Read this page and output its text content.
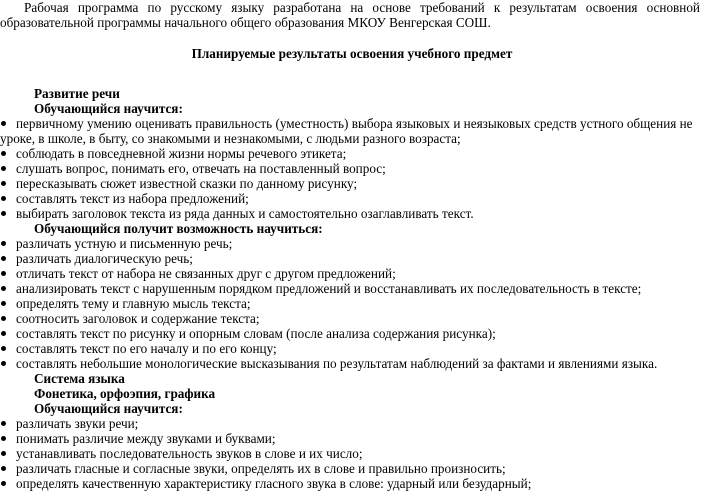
Рабочая программа по русскому языку разработана на основе требований к результатам освоения основной образовательной программы начального общего образования МКОУ Венгерская СОШ.

Планируемые результаты освоения учебного предмет

Развитие речи

Обучающийся научится:

первичному умению оценивать правильность (уместность) выбора языковых и неязыковых средств устного общения не уроке, в школе, в быту, со знакомыми и незнакомыми, с людьми разного возраста;
соблюдать в повседневной жизни нормы речевого этикета;
слушать вопрос, понимать его, отвечать на поставленный вопрос;
пересказывать сюжет известной сказки по данному рисунку;
составлять текст из набора предложений;
выбирать заголовок текста из ряда данных и самостоятельно озаглавливать текст.

Обучающийся получит возможность научиться:

различать устную и письменную речь;
различать диалогическую речь;
отличать текст от набора не связанных друг с другом предложений;
анализировать текст с нарушенным порядком предложений и восстанавливать их последовательность в тексте;
определять тему и главную мысль текста;
соотносить заголовок и содержание текста;
составлять текст по рисунку и опорным словам (после анализа содержания рисунка);
составлять текст по его началу и по его концу;
составлять небольшие монологические высказывания по результатам наблюдений за фактами и явлениями языка.

Система языка

Фонетика, орфоэпия, графика

Обучающийся научится:

различать звуки речи;
понимать различие между звуками и буквами;
устанавливать последовательность звуков в слове и их число;
различать гласные и согласные звуки, определять их в слове и правильно произносить;
определять качественную характеристику гласного звука в слове: ударный или безударный;
